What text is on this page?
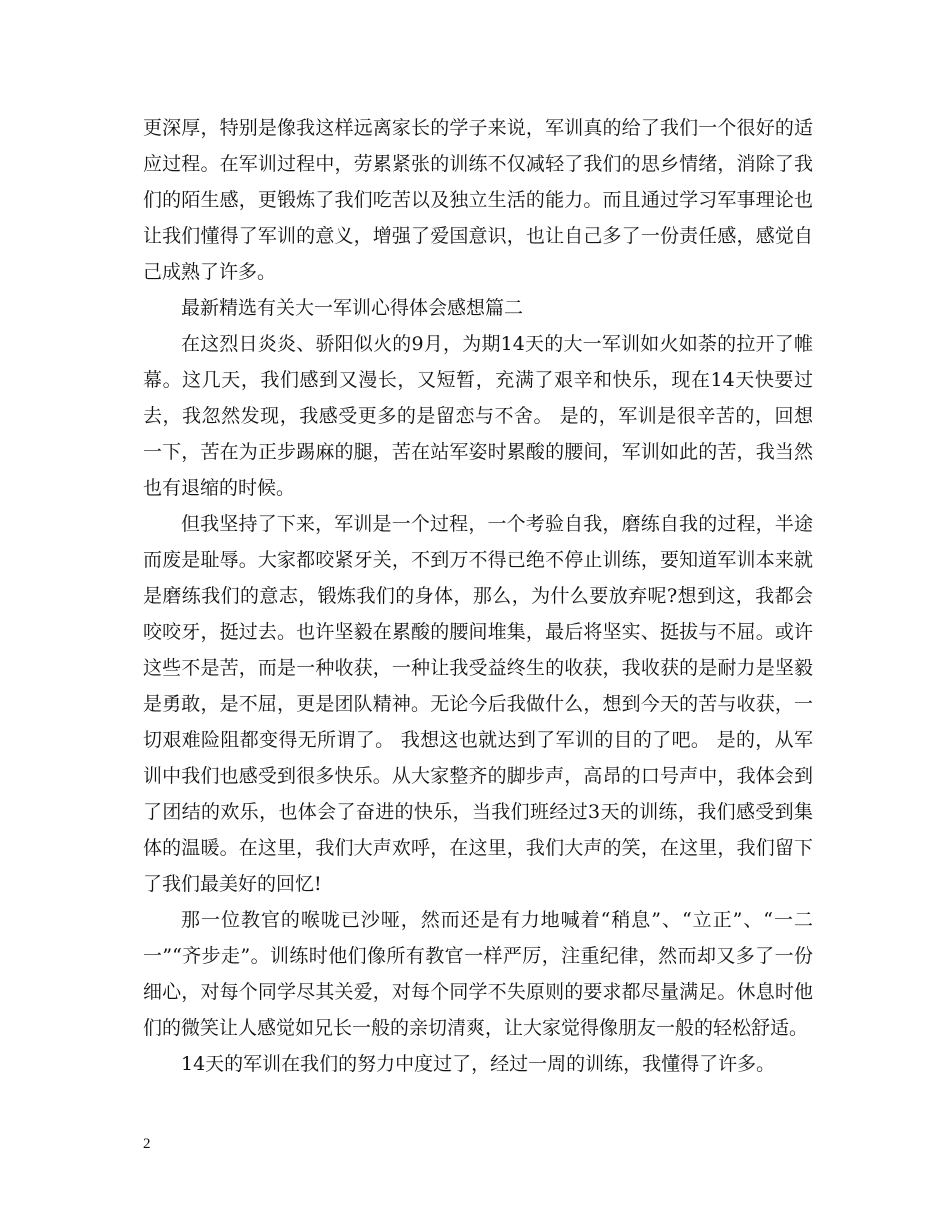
更深厚，特别是像我这样远离家长的学子来说，军训真的给了我们一个很好的适应过程。在军训过程中，劳累紧张的训练不仅减轻了我们的思乡情绪，消除了我们的陌生感，更锻炼了我们吃苦以及独立生活的能力。而且通过学习军事理论也让我们懂得了军训的意义，增强了爱国意识，也让自己多了一份责任感，感觉自己成熟了许多。

最新精选有关大一军训心得体会感想篇二

在这烈日炎炎、骄阳似火的9月，为期14天的大一军训如火如荼的拉开了帷幕。这几天，我们感到又漫长，又短暂，充满了艰辛和快乐，现在14天快要过去，我忽然发现，我感受更多的是留恋与不舍。 是的，军训是很辛苦的，回想一下，苦在为正步踢麻的腿，苦在站军姿时累酸的腰间，军训如此的苦，我当然也有退缩的时候。

但我坚持了下来，军训是一个过程，一个考验自我，磨练自我的过程，半途而废是耻辱。大家都咬紧牙关，不到万不得已绝不停止训练，要知道军训本来就是磨练我们的意志，锻炼我们的身体，那么，为什么要放弃呢?想到这，我都会咬咬牙，挺过去。也许坚毅在累酸的腰间堆集，最后将坚实、挺拔与不屈。或许这些不是苦，而是一种收获，一种让我受益终生的收获，我收获的是耐力是坚毅是勇敢，是不屈，更是团队精神。无论今后我做什么，想到今天的苦与收获，一切艰难险阻都变得无所谓了。 我想这也就达到了军训的目的了吧。 是的，从军训中我们也感受到很多快乐。从大家整齐的脚步声，高昂的口号声中，我体会到了团结的欢乐，也体会了奋进的快乐，当我们班经过3天的训练，我们感受到集体的温暖。在这里，我们大声欢呼，在这里，我们大声的笑，在这里，我们留下了我们最美好的回忆!

那一位教官的喉咙已沙哑，然而还是有力地喊着“稍息”、“立正”、“一二一”“齐步走”。训练时他们像所有教官一样严厉，注重纪律，然而却又多了一份细心，对每个同学尽其关爱，对每个同学不失原则的要求都尽量满足。休息时他们的微笑让人感觉如兄长一般的亲切清爽，让大家觉得像朋友一般的轻松舒适。

14天的军训在我们的努力中度过了，经过一周的训练，我懂得了许多。

2
